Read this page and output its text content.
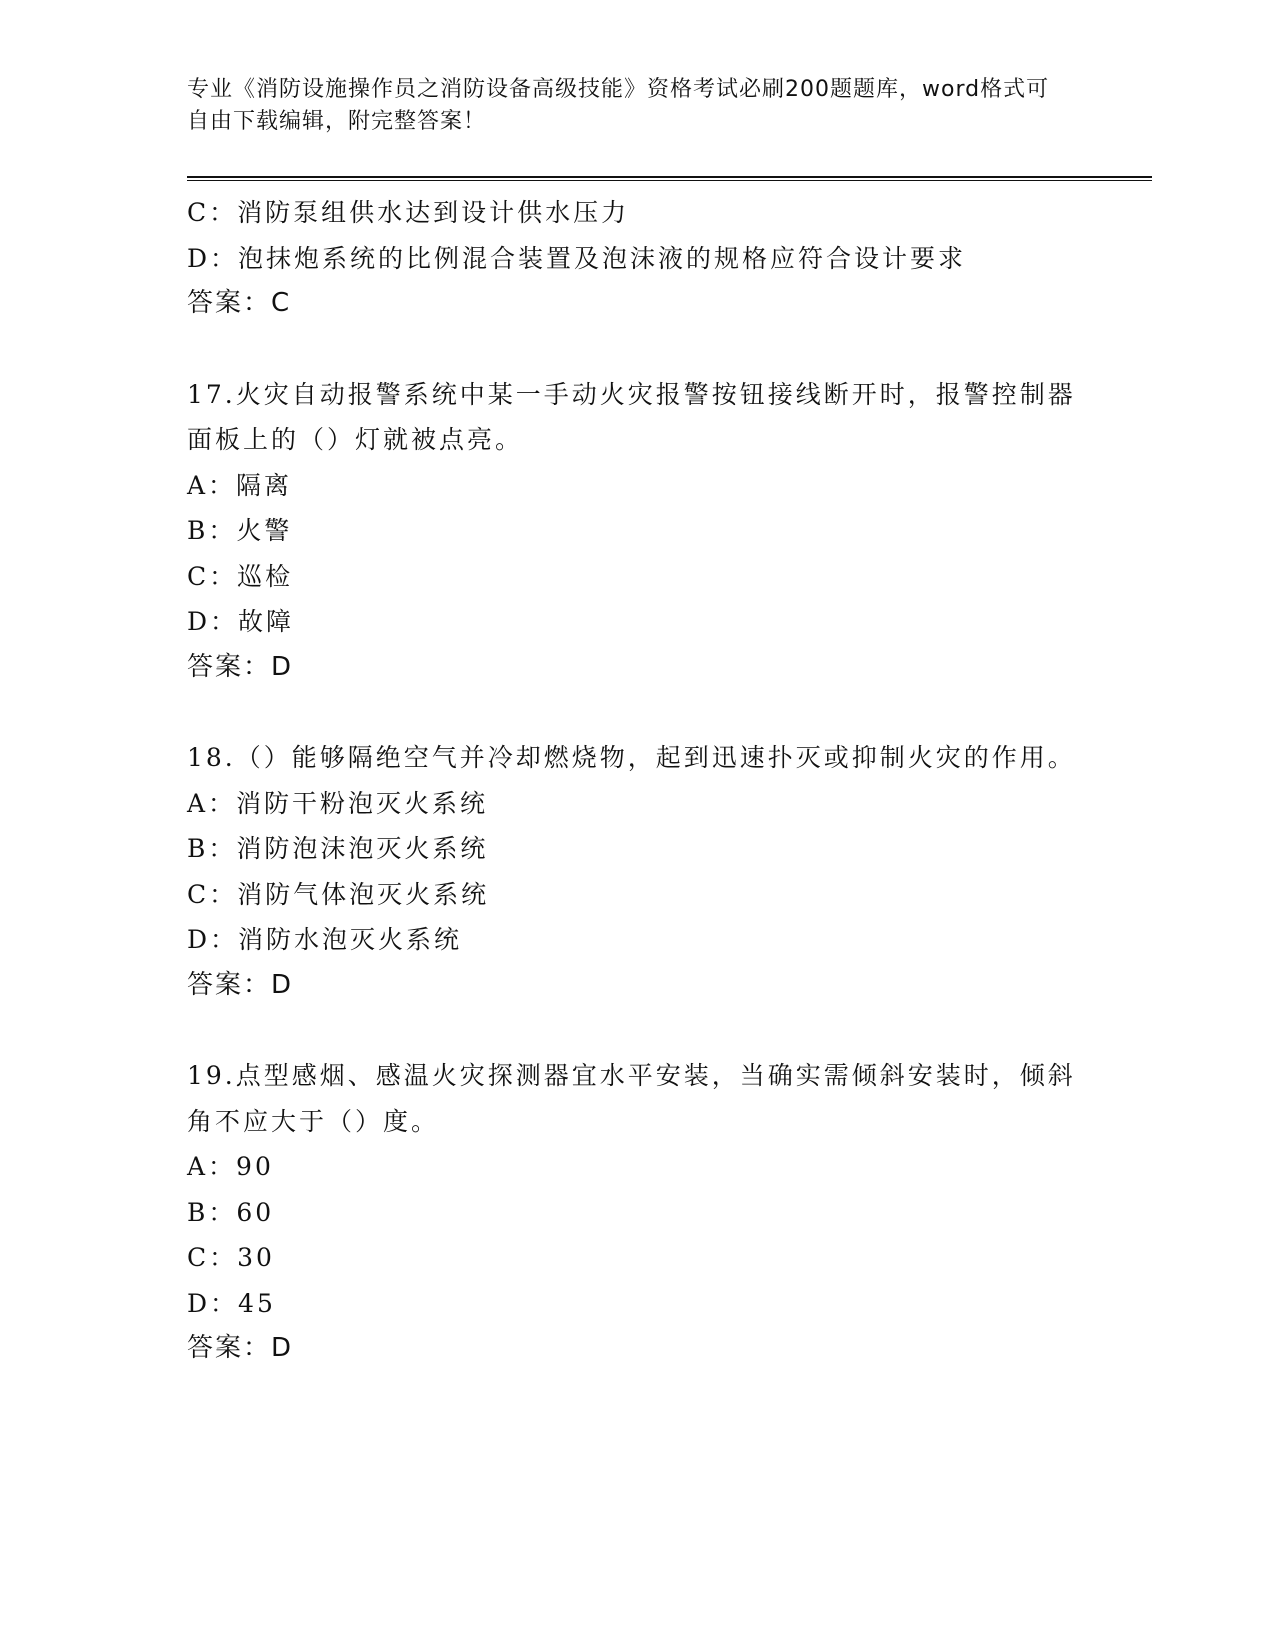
专业《消防设施操作员之消防设备高级技能》资格考试必刷200题题库，word格式可自由下载编辑，附完整答案！
C：消防泵组供水达到设计供水压力
D：泡抹炮系统的比例混合装置及泡沫液的规格应符合设计要求
答案：C
17.火灾自动报警系统中某一手动火灾报警按钮接线断开时，报警控制器面板上的（）灯就被点亮。
A：隔离
B：火警
C：巡检
D：故障
答案：D
18.（）能够隔绝空气并冷却燃烧物，起到迅速扑灭或抑制火灾的作用。
A：消防干粉泡灭火系统
B：消防泡沫泡灭火系统
C：消防气体泡灭火系统
D：消防水泡灭火系统
答案：D
19.点型感烟、感温火灾探测器宜水平安装，当确实需倾斜安装时，倾斜角不应大于（）度。
A：90
B：60
C：30
D：45
答案：D
